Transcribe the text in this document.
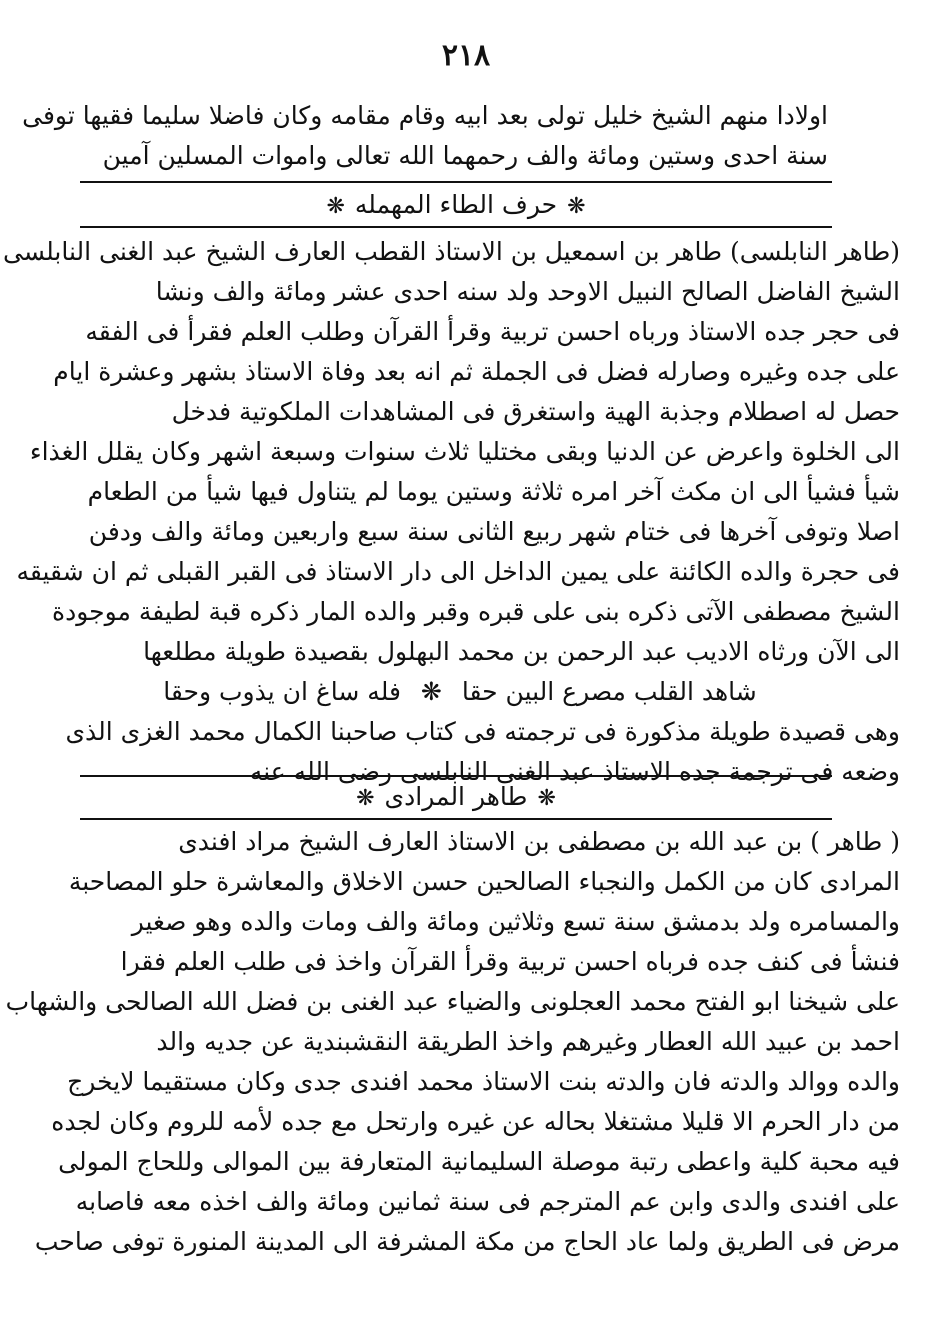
٢١٨
اولادا منهم الشيخ خليل تولى بعد ابيه وقام مقامه وكان فاضلا سليما فقيها توفى
سنة احدى وستين ومائة والف رحمهما الله تعالى واموات المسلين آمين
❋حرف الطاء المهمله❋
(طاهر النابلسى) طاهر بن اسمعيل بن الاستاذ القطب العارف الشيخ عبد الغنى النابلسى
الشيخ الفاضل الصالح النبيل الاوحد ولد سنه احدى عشر ومائة والف ونشا
فى حجر جده الاستاذ ورباه احسن تربية وقرأ القرآن وطلب العلم فقرأ فى الفقه
على جده وغيره وصارله فضل فى الجملة ثم انه بعد وفاة الاستاذ بشهر وعشرة ايام
حصل له اصطلام وجذبة الهية واستغرق فى المشاهدات الملكوتية فدخل
الى الخلوة واعرض عن الدنيا وبقى مختليا ثلاث سنوات وسبعة اشهر وكان يقلل الغذاء
شيأ فشيأ الى ان مكث آخر امره ثلاثة وستين يوما لم يتناول فيها شيأ من الطعام
اصلا وتوفى آخرها فى ختام شهر ربيع الثانى سنة سبع واربعين ومائة والف ودفن
فى حجرة والده الكائنة على يمين الداخل الى دار الاستاذ فى القبر القبلى ثم ان شقيقه
الشيخ مصطفى الآتى ذكره بنى على قبره وقبر والده المار ذكره قبة لطيفة موجودة
الى الآن ورثاه الاديب عبد الرحمن بن محمد البهلول بقصيدة طويلة مطلعها
شاهد القلب مصرع البين حقا❋فله ساغ ان يذوب وحقا
وهى قصيدة طويلة مذكورة فى ترجمته فى كتاب صاحبنا الكمال محمد الغزى الذى
وضعه فى ترجمة جده الاستاذ عبد الغنى النابلسى رضى الله عنه
❋طاهر المرادى❋
( طاهر ) بن عبد الله بن مصطفى بن الاستاذ العارف الشيخ مراد افندى
المرادى كان من الكمل والنجباء الصالحين حسن الاخلاق والمعاشرة حلو المصاحبة
والمسامره ولد بدمشق سنة تسع وثلاثين ومائة والف ومات والده وهو صغير
فنشأ فى كنف جده فرباه احسن تربية وقرأ القرآن واخذ فى طلب العلم فقرا
على شيخنا ابو الفتح محمد العجلونى والضياء عبد الغنى بن فضل الله الصالحى والشهاب
احمد بن عبيد الله العطار وغيرهم واخذ الطريقة النقشبندية عن جديه والد
والده ووالد والدته فان والدته بنت الاستاذ محمد افندى جدى وكان مستقيما لايخرج
من دار الحرم الا قليلا مشتغلا بحاله عن غيره وارتحل مع جده لأمه للروم وكان لجده
فيه محبة كلية واعطى رتبة موصلة السليمانية المتعارفة بين الموالى وللحاج المولى
على افندى والدى وابن عم المترجم فى سنة ثمانين ومائة والف اخذه معه فاصابه
مرض فى الطريق ولما عاد الحاج من مكة المشرفة الى المدينة المنورة توفى صاحب
